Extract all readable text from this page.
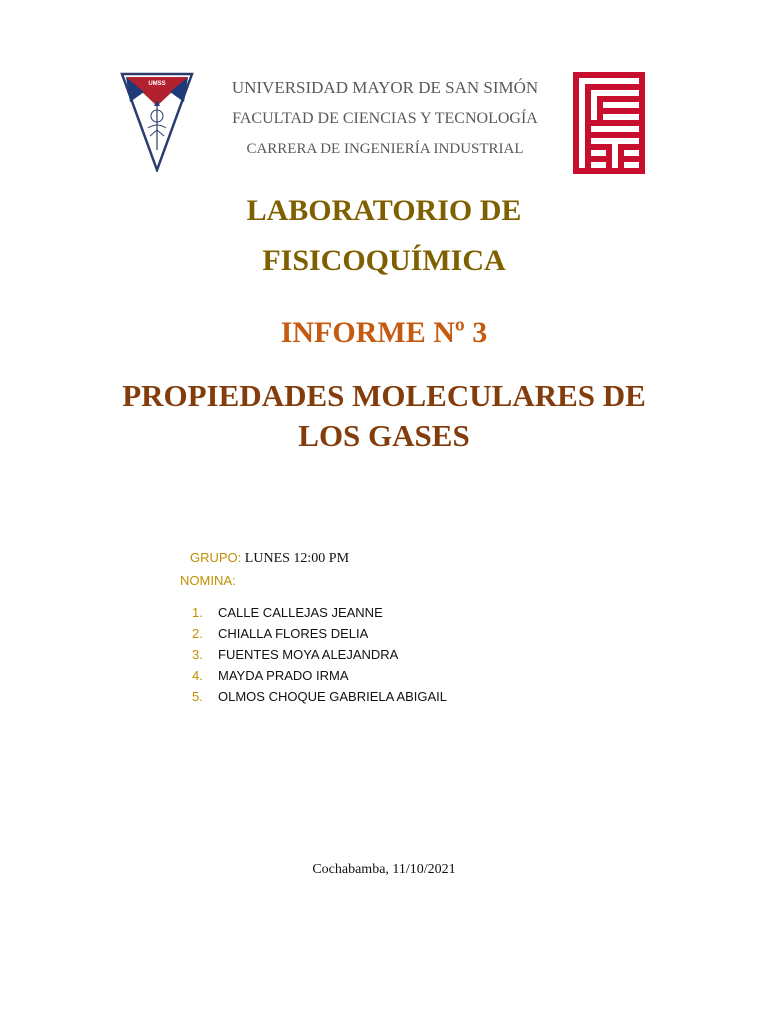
UMSS	UNIVERSIDAD MAYOR DE SAN SIMÓN
FACULTAD DE CIENCIAS Y TECNOLOGÍA
CARRERA DE INGENIERÍA INDUSTRIAL
LABORATORIO DE
FISICOQUÍMICA
INFORME Nº 3
PROPIEDADES MOLECULARES DE
LOS GASES
GRUPO: LUNES 12:00 PM
NOMINA:
1.	CALLE CALLEJAS JEANNE
2.	CHIALLA FLORES DELIA
3.	FUENTES MOYA ALEJANDRA
4.	MAYDA PRADO IRMA
5.	OLMOS CHOQUE GABRIELA ABIGAIL
Cochabamba, 11/10/2021
